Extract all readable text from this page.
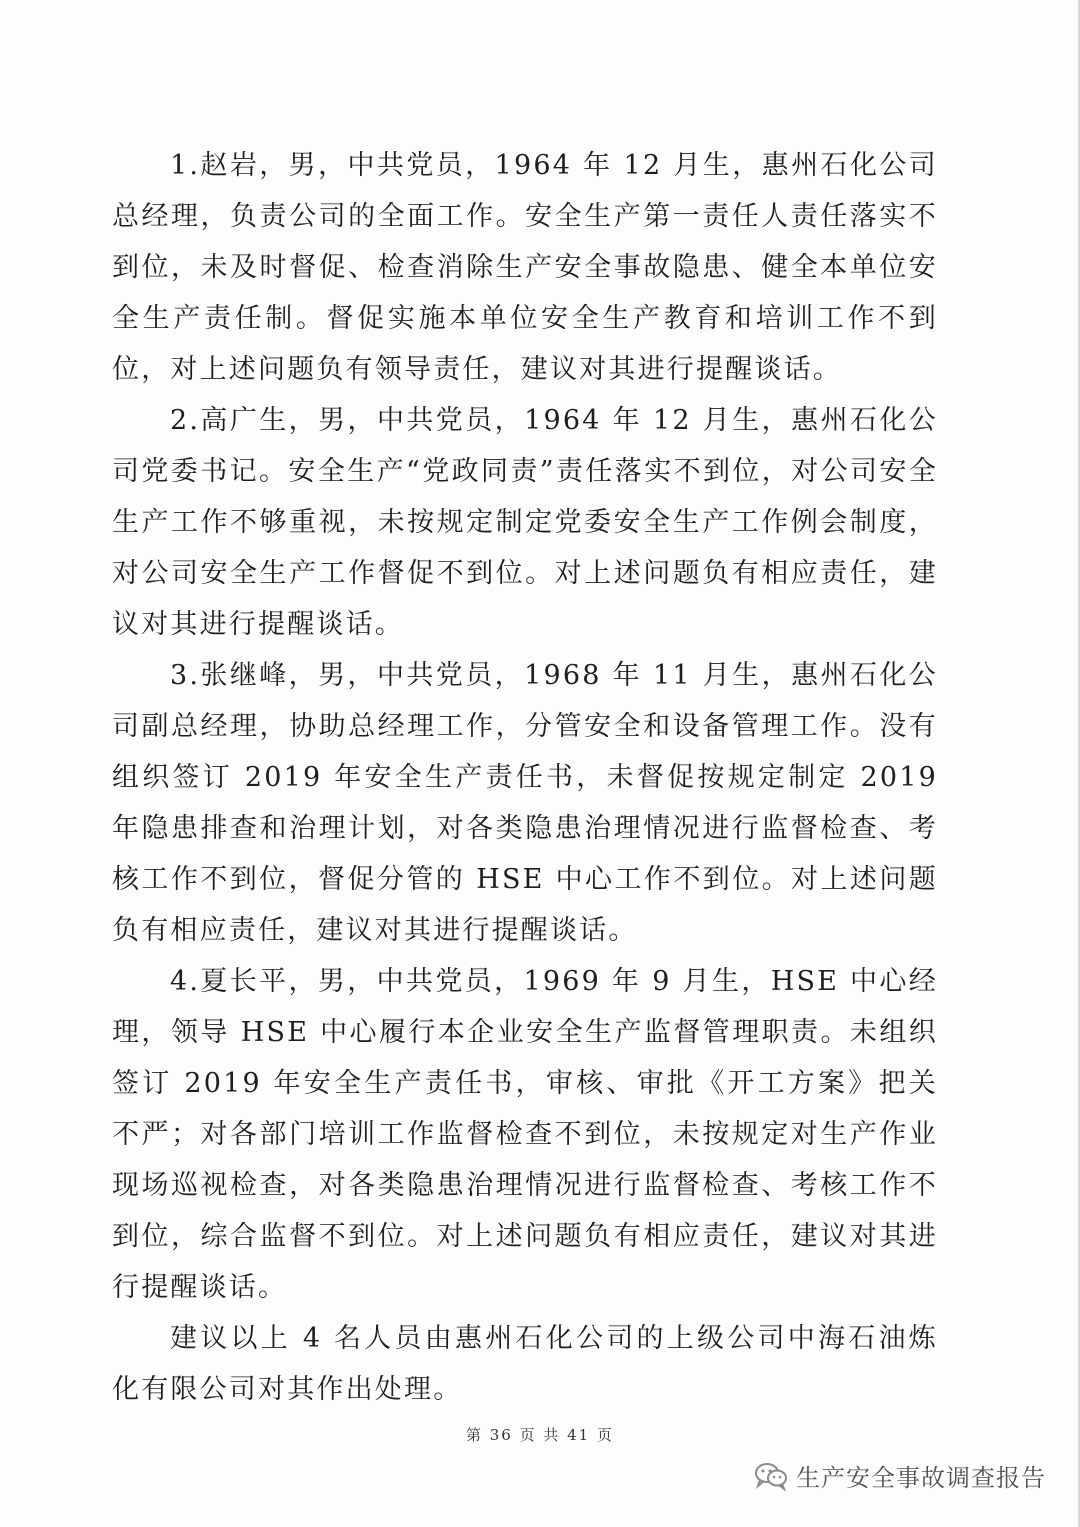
1.赵岩，男，中共党员，1964 年 12 月生，惠州石化公司总经理，负责公司的全面工作。安全生产第一责任人责任落实不到位，未及时督促、检查消除生产安全事故隐患、健全本单位安全生产责任制。督促实施本单位安全生产教育和培训工作不到位，对上述问题负有领导责任，建议对其进行提醒谈话。

2.高广生，男，中共党员，1964 年 12 月生，惠州石化公司党委书记。安全生产“党政同责”责任落实不到位，对公司安全生产工作不够重视，未按规定制定党委安全生产工作例会制度，对公司安全生产工作督促不到位。对上述问题负有相应责任，建议对其进行提醒谈话。

3.张继峰，男，中共党员，1968 年 11 月生，惠州石化公司副总经理，协助总经理工作，分管安全和设备管理工作。没有组织签订 2019 年安全生产责任书，未督促按规定制定 2019 年隐患排查和治理计划，对各类隐患治理情况进行监督检查、考核工作不到位，督促分管的 HSE 中心工作不到位。对上述问题负有相应责任，建议对其进行提醒谈话。

4.夏长平，男，中共党员，1969 年 9 月生，HSE 中心经理，领导 HSE 中心履行本企业安全生产监督管理职责。未组织签订 2019 年安全生产责任书，审核、审批《开工方案》把关不严；对各部门培训工作监督检查不到位，未按规定对生产作业现场巡视检查，对各类隐患治理情况进行监督检查、考核工作不到位，综合监督不到位。对上述问题负有相应责任，建议对其进行提醒谈话。

建议以上 4 名人员由惠州石化公司的上级公司中海石油炼化有限公司对其作出处理。

第 36 页 共 41 页
生产安全事故调查报告
